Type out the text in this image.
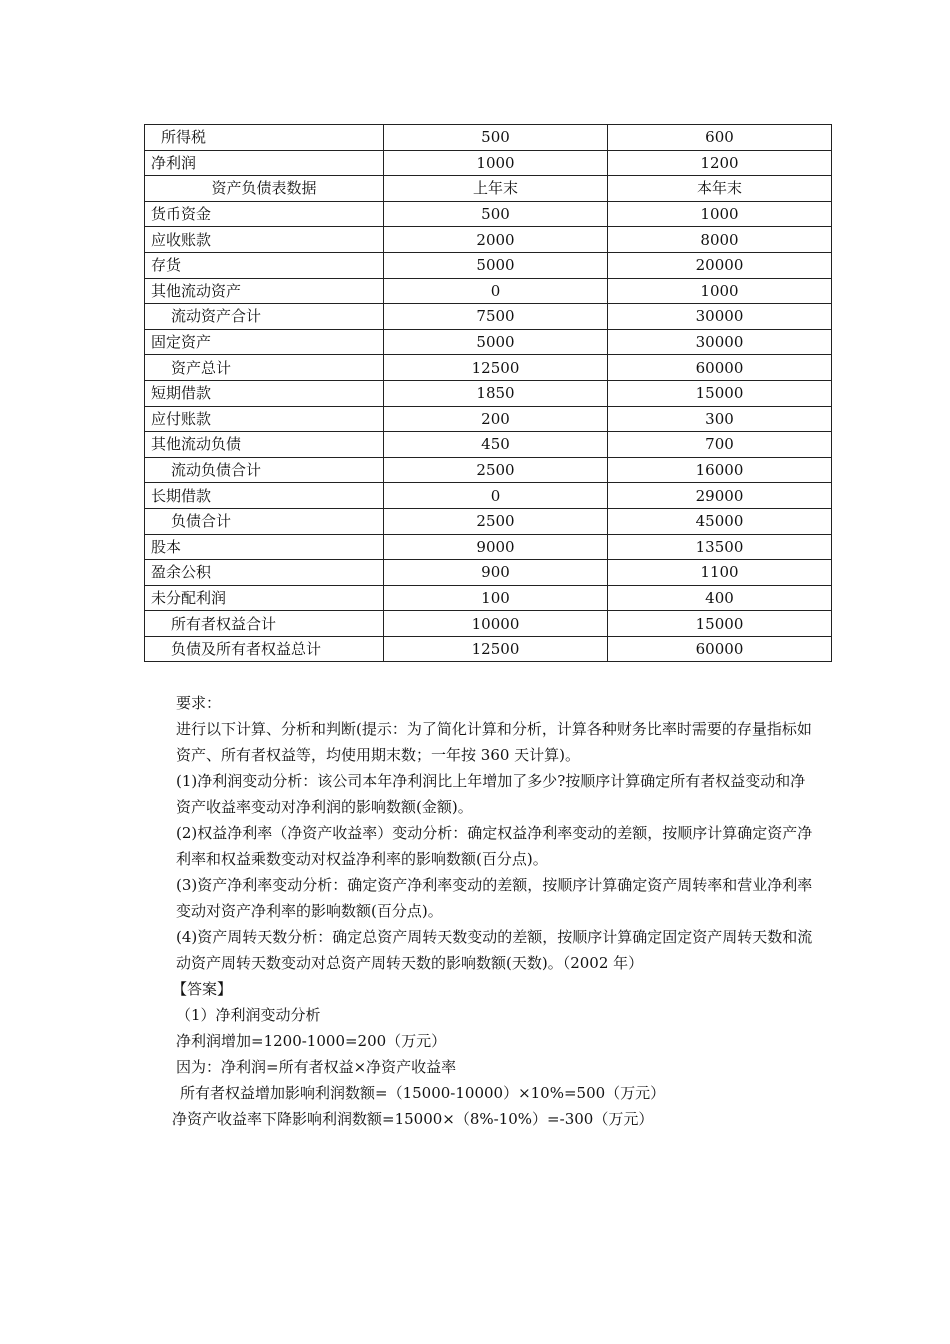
所得税	500	600
净利润	1000	1200
资产负债表数据	上年末	本年末
货币资金	500	1000
应收账款	2000	8000
存货	5000	20000
其他流动资产	0	1000
流动资产合计	7500	30000
固定资产	5000	30000
资产总计	12500	60000
短期借款	1850	15000
应付账款	200	300
其他流动负债	450	700
流动负债合计	2500	16000
长期借款	0	29000
负债合计	2500	45000
股本	9000	13500
盈余公积	900	1100
未分配利润	100	400
所有者权益合计	10000	15000
负债及所有者权益总计	12500	60000

要求：

进行以下计算、分析和判断(提示：为了简化计算和分析，计算各种财务比率时需要的存量指标如资产、所有者权益等，均使用期末数；一年按 360 天计算)。

(1)净利润变动分析：该公司本年净利润比上年增加了多少?按顺序计算确定所有者权益变动和净资产收益率变动对净利润的影响数额(金额)。

(2)权益净利率（净资产收益率）变动分析：确定权益净利率变动的差额，按顺序计算确定资产净利率和权益乘数变动对权益净利率的影响数额(百分点)。

(3)资产净利率变动分析：确定资产净利率变动的差额，按顺序计算确定资产周转率和营业净利率变动对资产净利率的影响数额(百分点)。

(4)资产周转天数分析：确定总资产周转天数变动的差额，按顺序计算确定固定资产周转天数和流动资产周转天数变动对总资产周转天数的影响数额(天数)。（2002 年）

【答案】

（1）净利润变动分析

净利润增加=1200-1000=200（万元）

因为：净利润=所有者权益×净资产收益率

所有者权益增加影响利润数额=（15000-10000）×10%=500（万元）

净资产收益率下降影响利润数额=15000×（8%-10%）=-300（万元）
